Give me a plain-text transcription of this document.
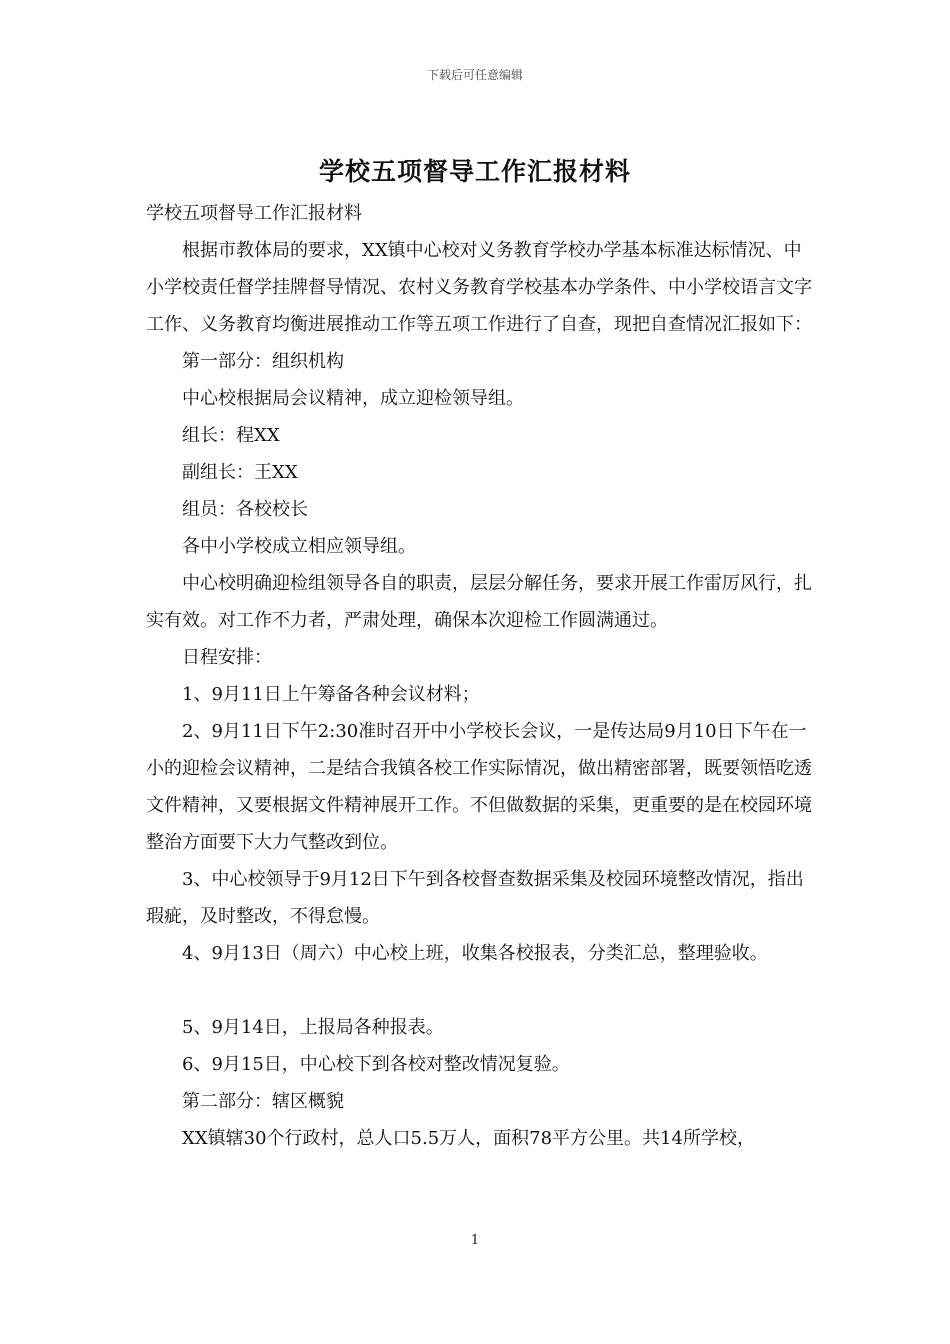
下载后可任意编辑
学校五项督导工作汇报材料

学校五项督导工作汇报材料

根据市教体局的要求，XX镇中心校对义务教育学校办学基本标准达标情况、中小学校责任督学挂牌督导情况、农村义务教育学校基本办学条件、中小学校语言文字工作、义务教育均衡进展推动工作等五项工作进行了自查，现把自查情况汇报如下：

第一部分：组织机构

中心校根据局会议精神，成立迎检领导组。

组长：程XX

副组长：王XX

组员：各校校长

各中小学校成立相应领导组。

中心校明确迎检组领导各自的职责，层层分解任务，要求开展工作雷厉风行，扎实有效。对工作不力者，严肃处理，确保本次迎检工作圆满通过。

日程安排：

1、9月11日上午筹备各种会议材料；

2、9月11日下午2:30准时召开中小学校长会议，一是传达局9月10日下午在一小的迎检会议精神，二是结合我镇各校工作实际情况，做出精密部署，既要领悟吃透文件精神，又要根据文件精神展开工作。不但做数据的采集，更重要的是在校园环境整治方面要下大力气整改到位。

3、中心校领导于9月12日下午到各校督查数据采集及校园环境整改情况，指出瑕疵，及时整改，不得怠慢。

4、9月13日（周六）中心校上班，收集各校报表，分类汇总，整理验收。

5、9月14日，上报局各种报表。

6、9月15日，中心校下到各校对整改情况复验。

第二部分：辖区概貌

XX镇辖30个行政村，总人口5.5万人，面积78平方公里。共14所学校，

1
